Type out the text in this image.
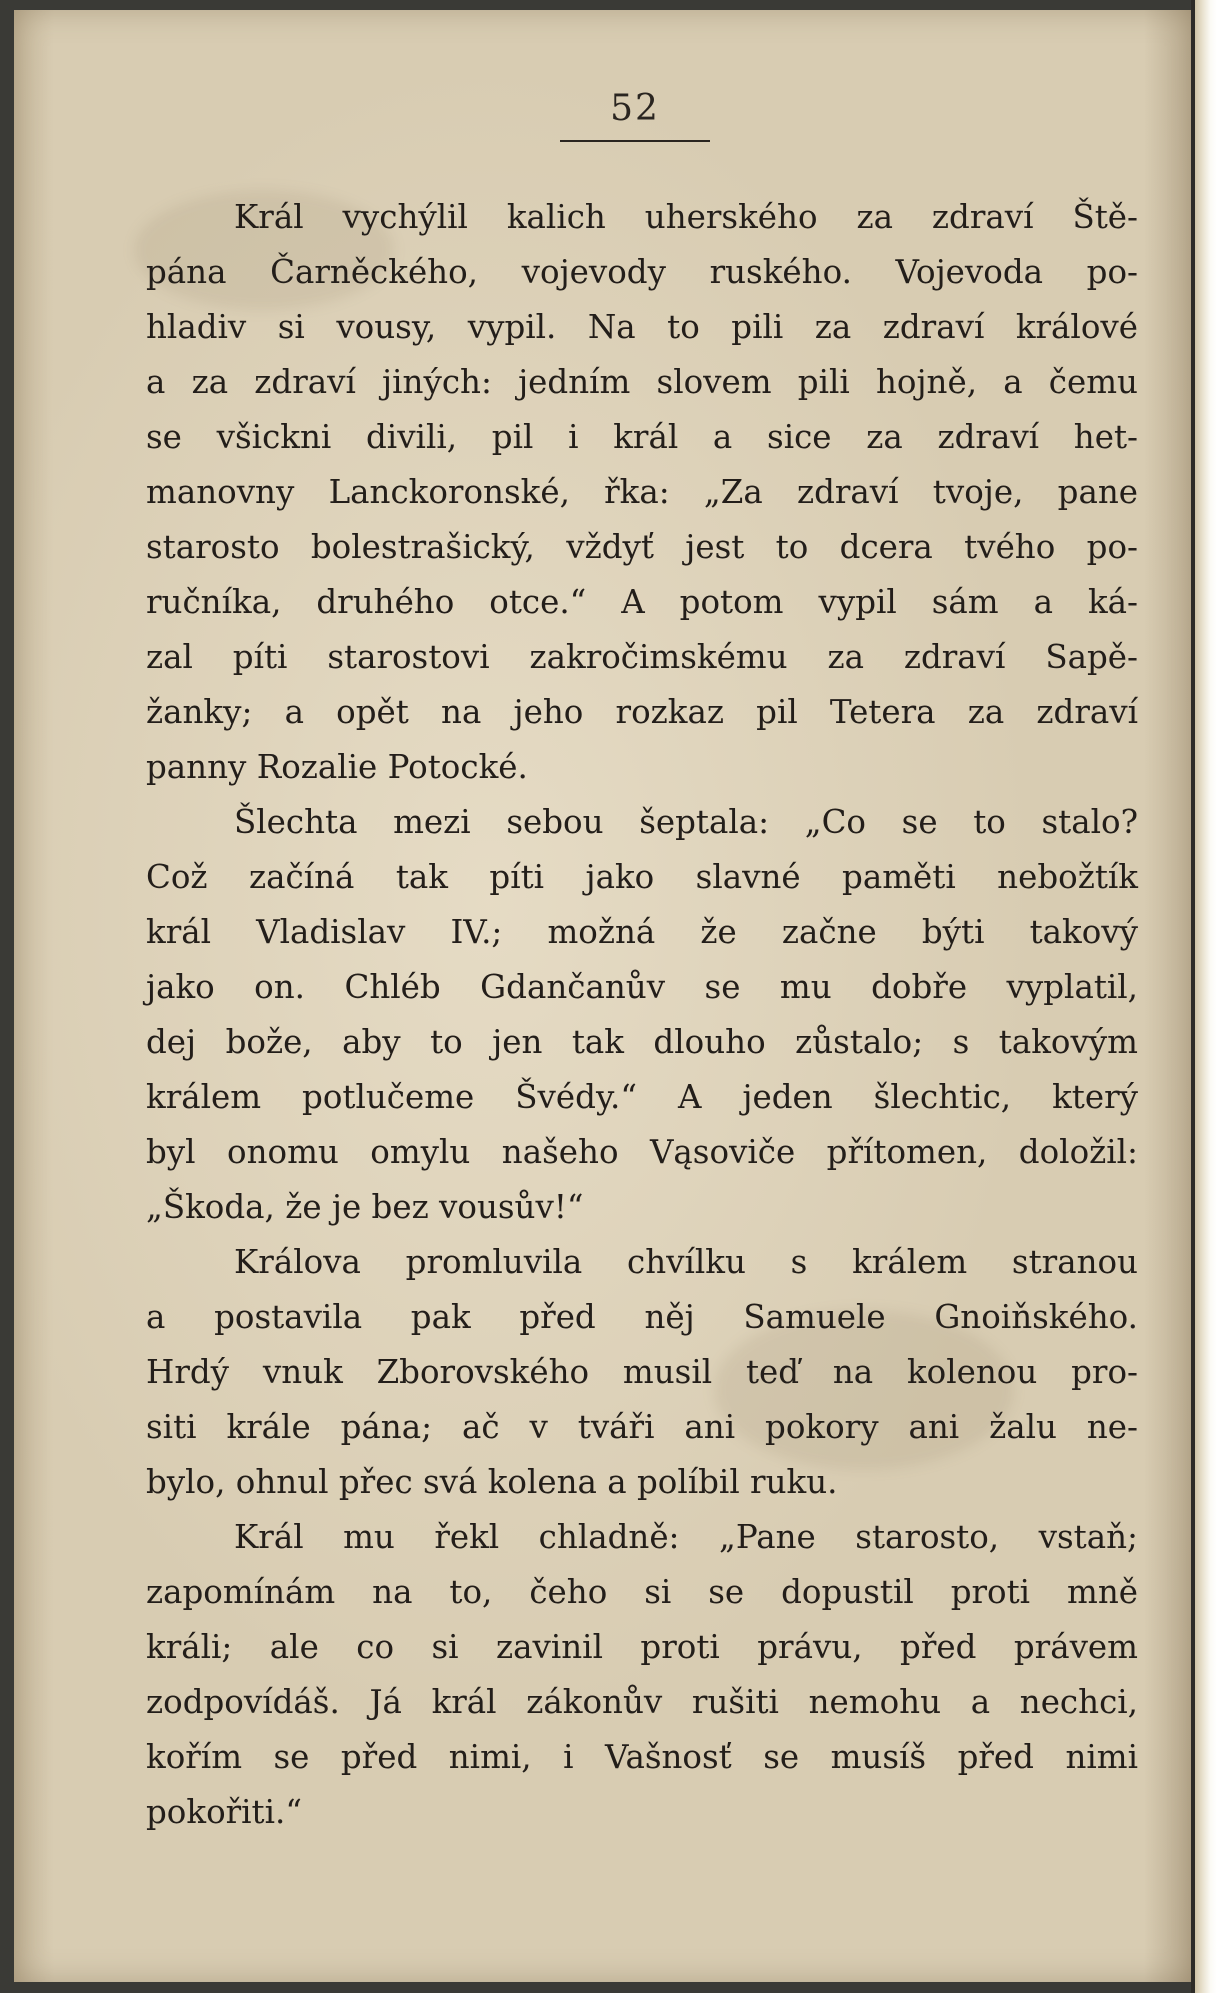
52
Král vychýlil kalich uherského za zdraví Ště-
pána Čarněckého, vojevody ruského. Vojevoda po-
hladiv si vousy, vypil. Na to pili za zdraví králové
a za zdraví jiných: jedním slovem pili hojně, a čemu
se všickni divili, pil i král a sice za zdraví het-
manovny Lanckoronské, řka: „Za zdraví tvoje, pane
starosto bolestrašický, vždyť jest to dcera tvého po-
ručníka, druhého otce.“ A potom vypil sám a ká-
zal píti starostovi zakročimskému za zdraví Sapě-
žanky; a opět na jeho rozkaz pil Tetera za zdraví
panny Rozalie Potocké.
Šlechta mezi sebou šeptala: „Co se to stalo?
Což začíná tak píti jako slavné paměti nebožtík
král Vladislav IV.; možná že začne býti takový
jako on. Chléb Gdančanův se mu dobře vyplatil,
dej bože, aby to jen tak dlouho zůstalo; s takovým
králem potlučeme Švédy.“ A jeden šlechtic, který
byl onomu omylu našeho Vąsoviče přítomen, doložil:
„Škoda, že je bez vousův!“
Králova promluvila chvílku s králem stranou
a postavila pak před něj Samuele Gnoiňského.
Hrdý vnuk Zborovského musil teď na kolenou pro-
siti krále pána; ač v tváři ani pokory ani žalu ne-
bylo, ohnul přec svá kolena a políbil ruku.
Král mu řekl chladně: „Pane starosto, vstaň;
zapomínám na to, čeho si se dopustil proti mně
králi; ale co si zavinil proti právu, před právem
zodpovídáš. Já král zákonův rušiti nemohu a nechci,
kořím se před nimi, i Vašnosť se musíš před nimi
pokořiti.“
